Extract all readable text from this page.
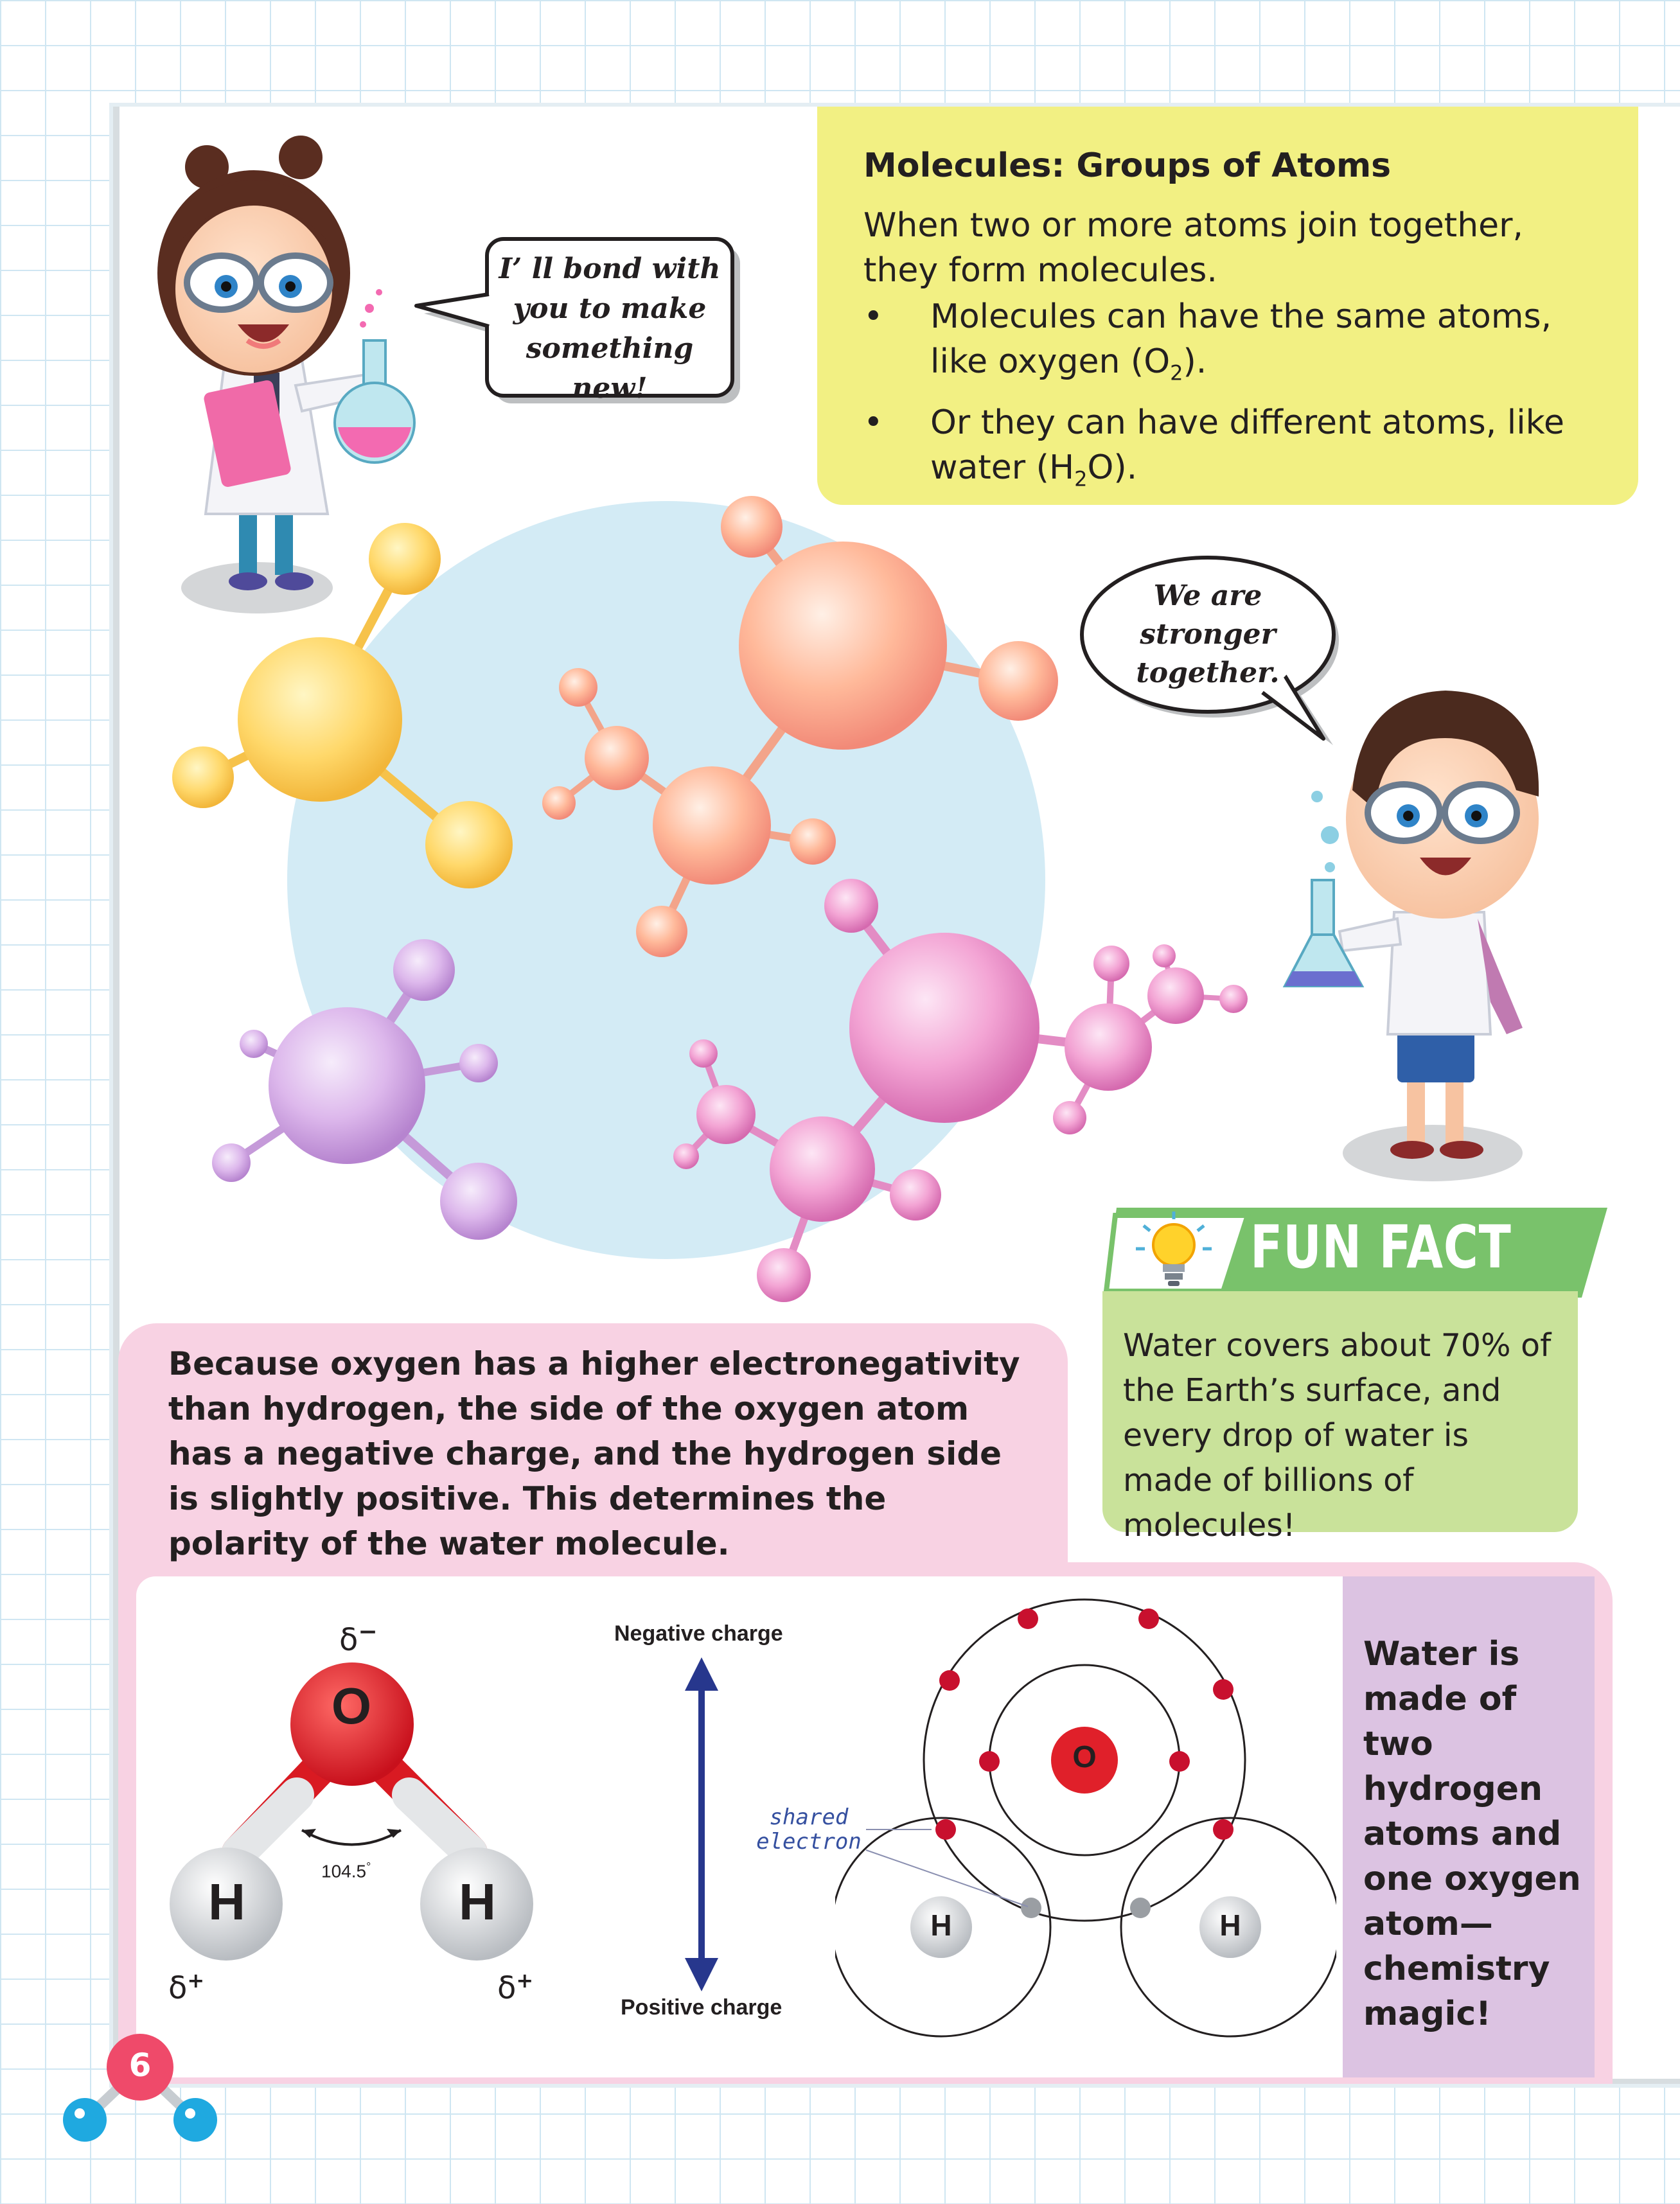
Molecules: Groups of Atoms

When two or more atoms join together, they form molecules.

• Molecules can have the same atoms, like oxygen $(O_2)$.
• Or they can have different atoms, like water $(H_2O)$.
I’ ll bond with
you to make
something new!
We are
stronger
together.
FUN FACT

Water covers about 70% of the Earth’s surface, and every drop of water is made of billions of molecules!

Because oxygen has a higher electronegativity than hydrogen, the side of the oxygen atom has a negative charge, and the hydrogen side is slightly positive. This determines the polarity of the water molecule.

Water is made of two hydrogen atoms and one oxygen atom—chemistry magic!

O
H	H
104.5°
δ−
δ+	δ+
Negative charge
Positive charge
O
H	H
shared
electron
6
